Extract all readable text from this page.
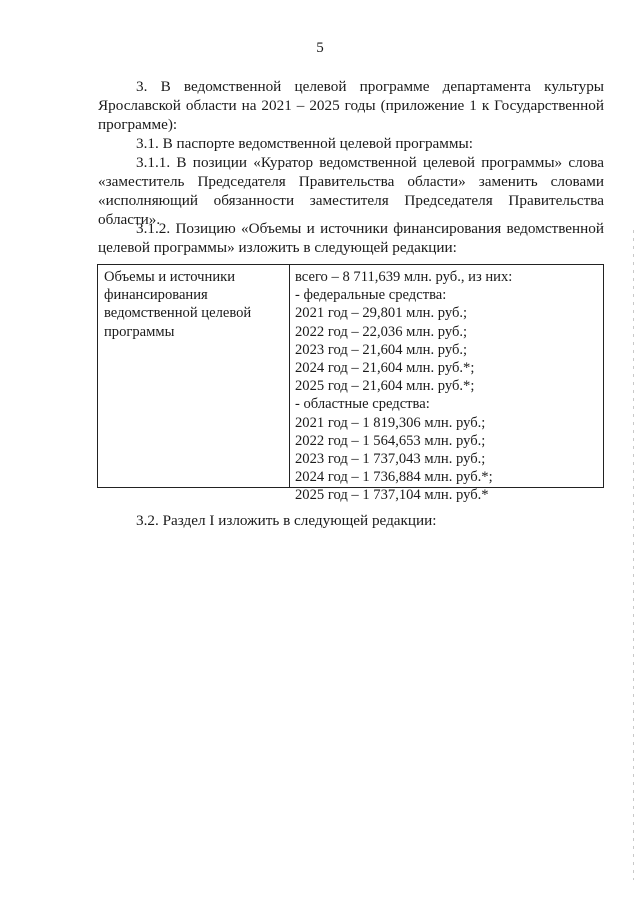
5
3. В ведомственной целевой программе департамента культуры
Ярославской области на 2021 – 2025 годы (приложение 1 к Государственной
программе):
3.1. В паспорте ведомственной целевой программы:
3.1.1. В позиции «Куратор ведомственной целевой программы» слова
«заместитель Председателя Правительства области» заменить словами
«исполняющий обязанности заместителя Председателя Правительства
области».
3.1.2. Позицию «Объемы и источники финансирования ведомственной
целевой программы» изложить в следующей редакции:
Объемы и источники
финансирования
ведомственной целевой
программы
всего – 8 711,639 млн. руб., из них:
- федеральные средства:
2021 год – 29,801 млн. руб.;
2022 год – 22,036 млн. руб.;
2023 год – 21,604 млн. руб.;
2024 год – 21,604 млн. руб.*;
2025 год – 21,604 млн. руб.*;
- областные средства:
2021 год – 1 819,306 млн. руб.;
2022 год – 1 564,653 млн. руб.;
2023 год – 1 737,043 млн. руб.;
2024 год – 1 736,884 млн. руб.*;
2025 год – 1 737,104 млн. руб.*
3.2. Раздел I изложить в следующей редакции:
